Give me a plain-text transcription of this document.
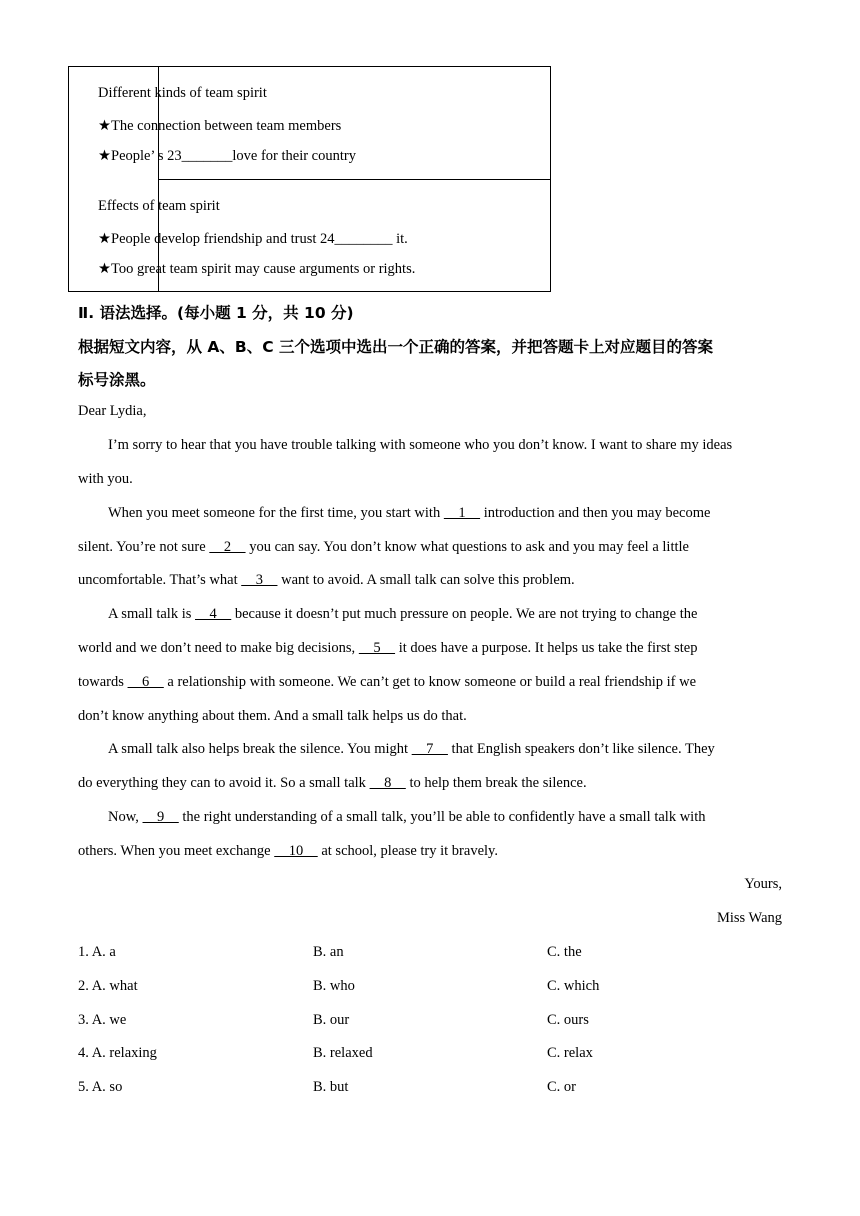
Different kinds of team spirit
★The connection between team members
★People’ s 23_______love for their country
Effects of team spirit
★People develop friendship and trust 24________ it.
★Too great team spirit may cause arguments or rights.
Ⅱ. 语法选择。(每小题 1 分，共 10 分)
根据短文内容，从 A、B、C 三个选项中选出一个正确的答案，并把答题卡上对应题目的答案
标号涂黑。
Dear Lydia,
I’m sorry to hear that you have trouble talking with someone who you don’t know. I want to share my ideas
with you.
When you meet someone for the first time, you start with     1     introduction and then you may become
silent. You’re not sure     2     you can say. You don’t know what questions to ask and you may feel a little
uncomfortable. That’s what     3     want to avoid. A small talk can solve this problem.
A small talk is     4     because it doesn’t put much pressure on people. We are not trying to change the
world and we don’t need to make big decisions,     5     it does have a purpose. It helps us take the first step
towards     6     a relationship with someone. We can’t get to know someone or build a real friendship if we
don’t know anything about them. And a small talk helps us do that.
A small talk also helps break the silence. You might     7     that English speakers don’t like silence. They
do everything they can to avoid it. So a small talk     8     to help them break the silence.
Now,     9     the right understanding of a small talk, you’ll be able to confidently have a small talk with
others. When you meet exchange     10     at school, please try it bravely.
Yours,
Miss Wang
1. A. a	B. an	C. the
2. A. what	B. who	C. which
3. A. we	B. our	C. ours
4. A. relaxing	B. relaxed	C. relax
5. A. so	B. but	C. or
